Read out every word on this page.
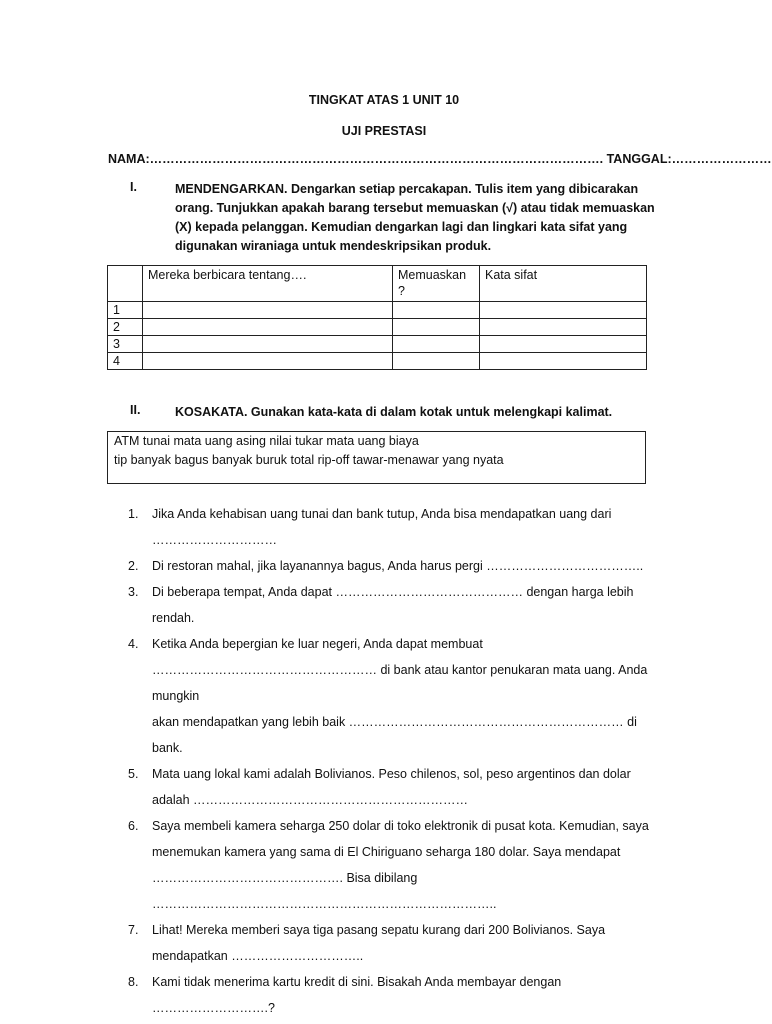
TINGKAT ATAS 1 UNIT 10
UJI PRESTASI
NAMA:………………………………………………………………………………………………. TANGGAL:……………………
I.	MENDENGARKAN. Dengarkan setiap percakapan. Tulis item yang dibicarakan orang. Tunjukkan apakah barang tersebut memuaskan (√) atau tidak memuaskan (X) kepada pelanggan. Kemudian dengarkan lagi dan lingkari kata sifat yang digunakan wiraniaga untuk mendeskripsikan produk.
	Mereka berbicara tentang….	Memuaskan ?	Kata sifat
1			
2			
3			
4			
II.	KOSAKATA. Gunakan kata-kata di dalam kotak untuk melengkapi kalimat.
ATM tunai mata uang asing nilai tukar mata uang biaya
tip banyak bagus banyak buruk total rip-off tawar-menawar yang nyata
1. Jika Anda kehabisan uang tunai dan bank tutup, Anda bisa mendapatkan uang dari
…………………………
2. Di restoran mahal, jika layanannya bagus, Anda harus pergi ………………………………..
3. Di beberapa tempat, Anda dapat ……………………………………… dengan harga lebih rendah.
4. Ketika Anda bepergian ke luar negeri, Anda dapat membuat
……………………………………………… di bank atau kantor penukaran mata uang. Anda mungkin
akan mendapatkan yang lebih baik ………………………………………………………… di bank.
5. Mata uang lokal kami adalah Bolivianos. Peso chilenos, sol, peso argentinos dan dolar
adalah …………………………………………………………
6. Saya membeli kamera seharga 250 dolar di toko elektronik di pusat kota. Kemudian, saya
menemukan kamera yang sama di El Chiriguano seharga 180 dolar. Saya mendapat
………………………………………. Bisa dibilang ………………………………………………………………………..
7. Lihat! Mereka memberi saya tiga pasang sepatu kurang dari 200 Bolivianos. Saya
mendapatkan …………………………..
8. Kami tidak menerima kartu kredit di sini. Bisakah Anda membayar dengan
……………………….?
